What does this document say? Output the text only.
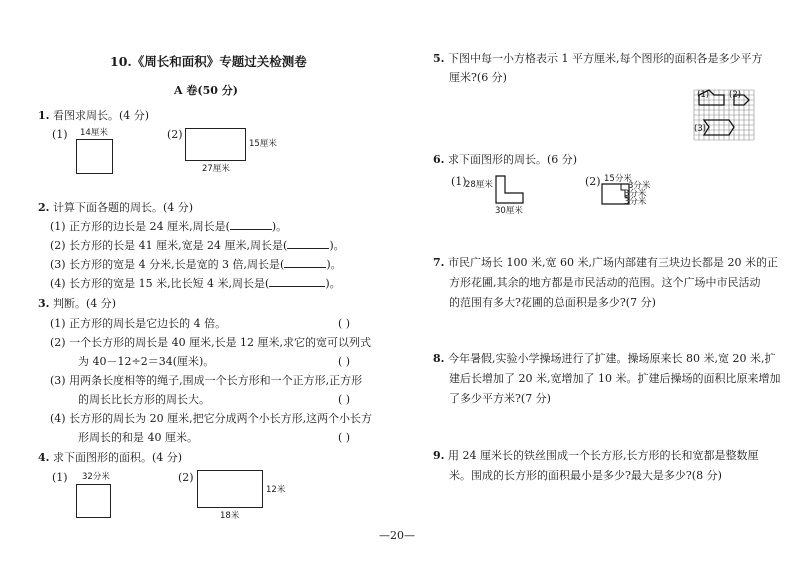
10.《周长和面积》专题过关检测卷
A 卷(50 分)
1. 看图求周长。(4 分)
(1) 14厘米	(2)
15厘米
27厘米
2. 计算下面各题的周长。(4 分)
(1) 正方形的边长是 24 厘米,周长是(	)。
(2) 长方形的长是 41 厘米,宽是 24 厘米,周长是(	)。
(3) 长方形的宽是 4 分米,长是宽的 3 倍,周长是(	)。
(4) 长方形的宽是 15 米,比长短 4 米,周长是(	)。
3. 判断。(4 分)
(1) 正方形的周长是它边长的 4 倍。	( )
(2) 一个长方形的周长是 40 厘米,长是 12 厘米,求它的宽可以列式
为 40－12÷2＝34(厘米)。	( )
(3) 用两条长度相等的绳子,围成一个长方形和一个正方形,正方形
的周长比长方形的周长大。	( )
(4) 长方形的周长为 20 厘米,把它分成两个小长方形,这两个小长方
形周长的和是 40 厘米。	( )
4. 求下面图形的面积。(4 分)
(1) 32分米	(2)
12米
18米
5. 下图中每一小方格表示 1 平方厘米,每个图形的面积各是多少平方
厘米?(6 分)
(1) (2)
(3)
6. 求下面图形的周长。(6 分)
(1)
28厘米
30厘米
(2) 15分米
3分米
3分米
3分米
7. 市民广场长 100 米,宽 60 米,广场内部建有三块边长都是 20 米的正
方形花圃,其余的地方都是市民活动的范围。这个广场中市民活动
的范围有多大?花圃的总面积是多少?(7 分)
8. 今年暑假,实验小学操场进行了扩建。操场原来长 80 米,宽 20 米,扩
建后长增加了 20 米,宽增加了 10 米。扩建后操场的面积比原来增加
了多少平方米?(7 分)
9. 用 24 厘米长的铁丝围成一个长方形,长方形的长和宽都是整数厘
米。围成的长方形的面积最小是多少?最大是多少?(8 分)
—20—
